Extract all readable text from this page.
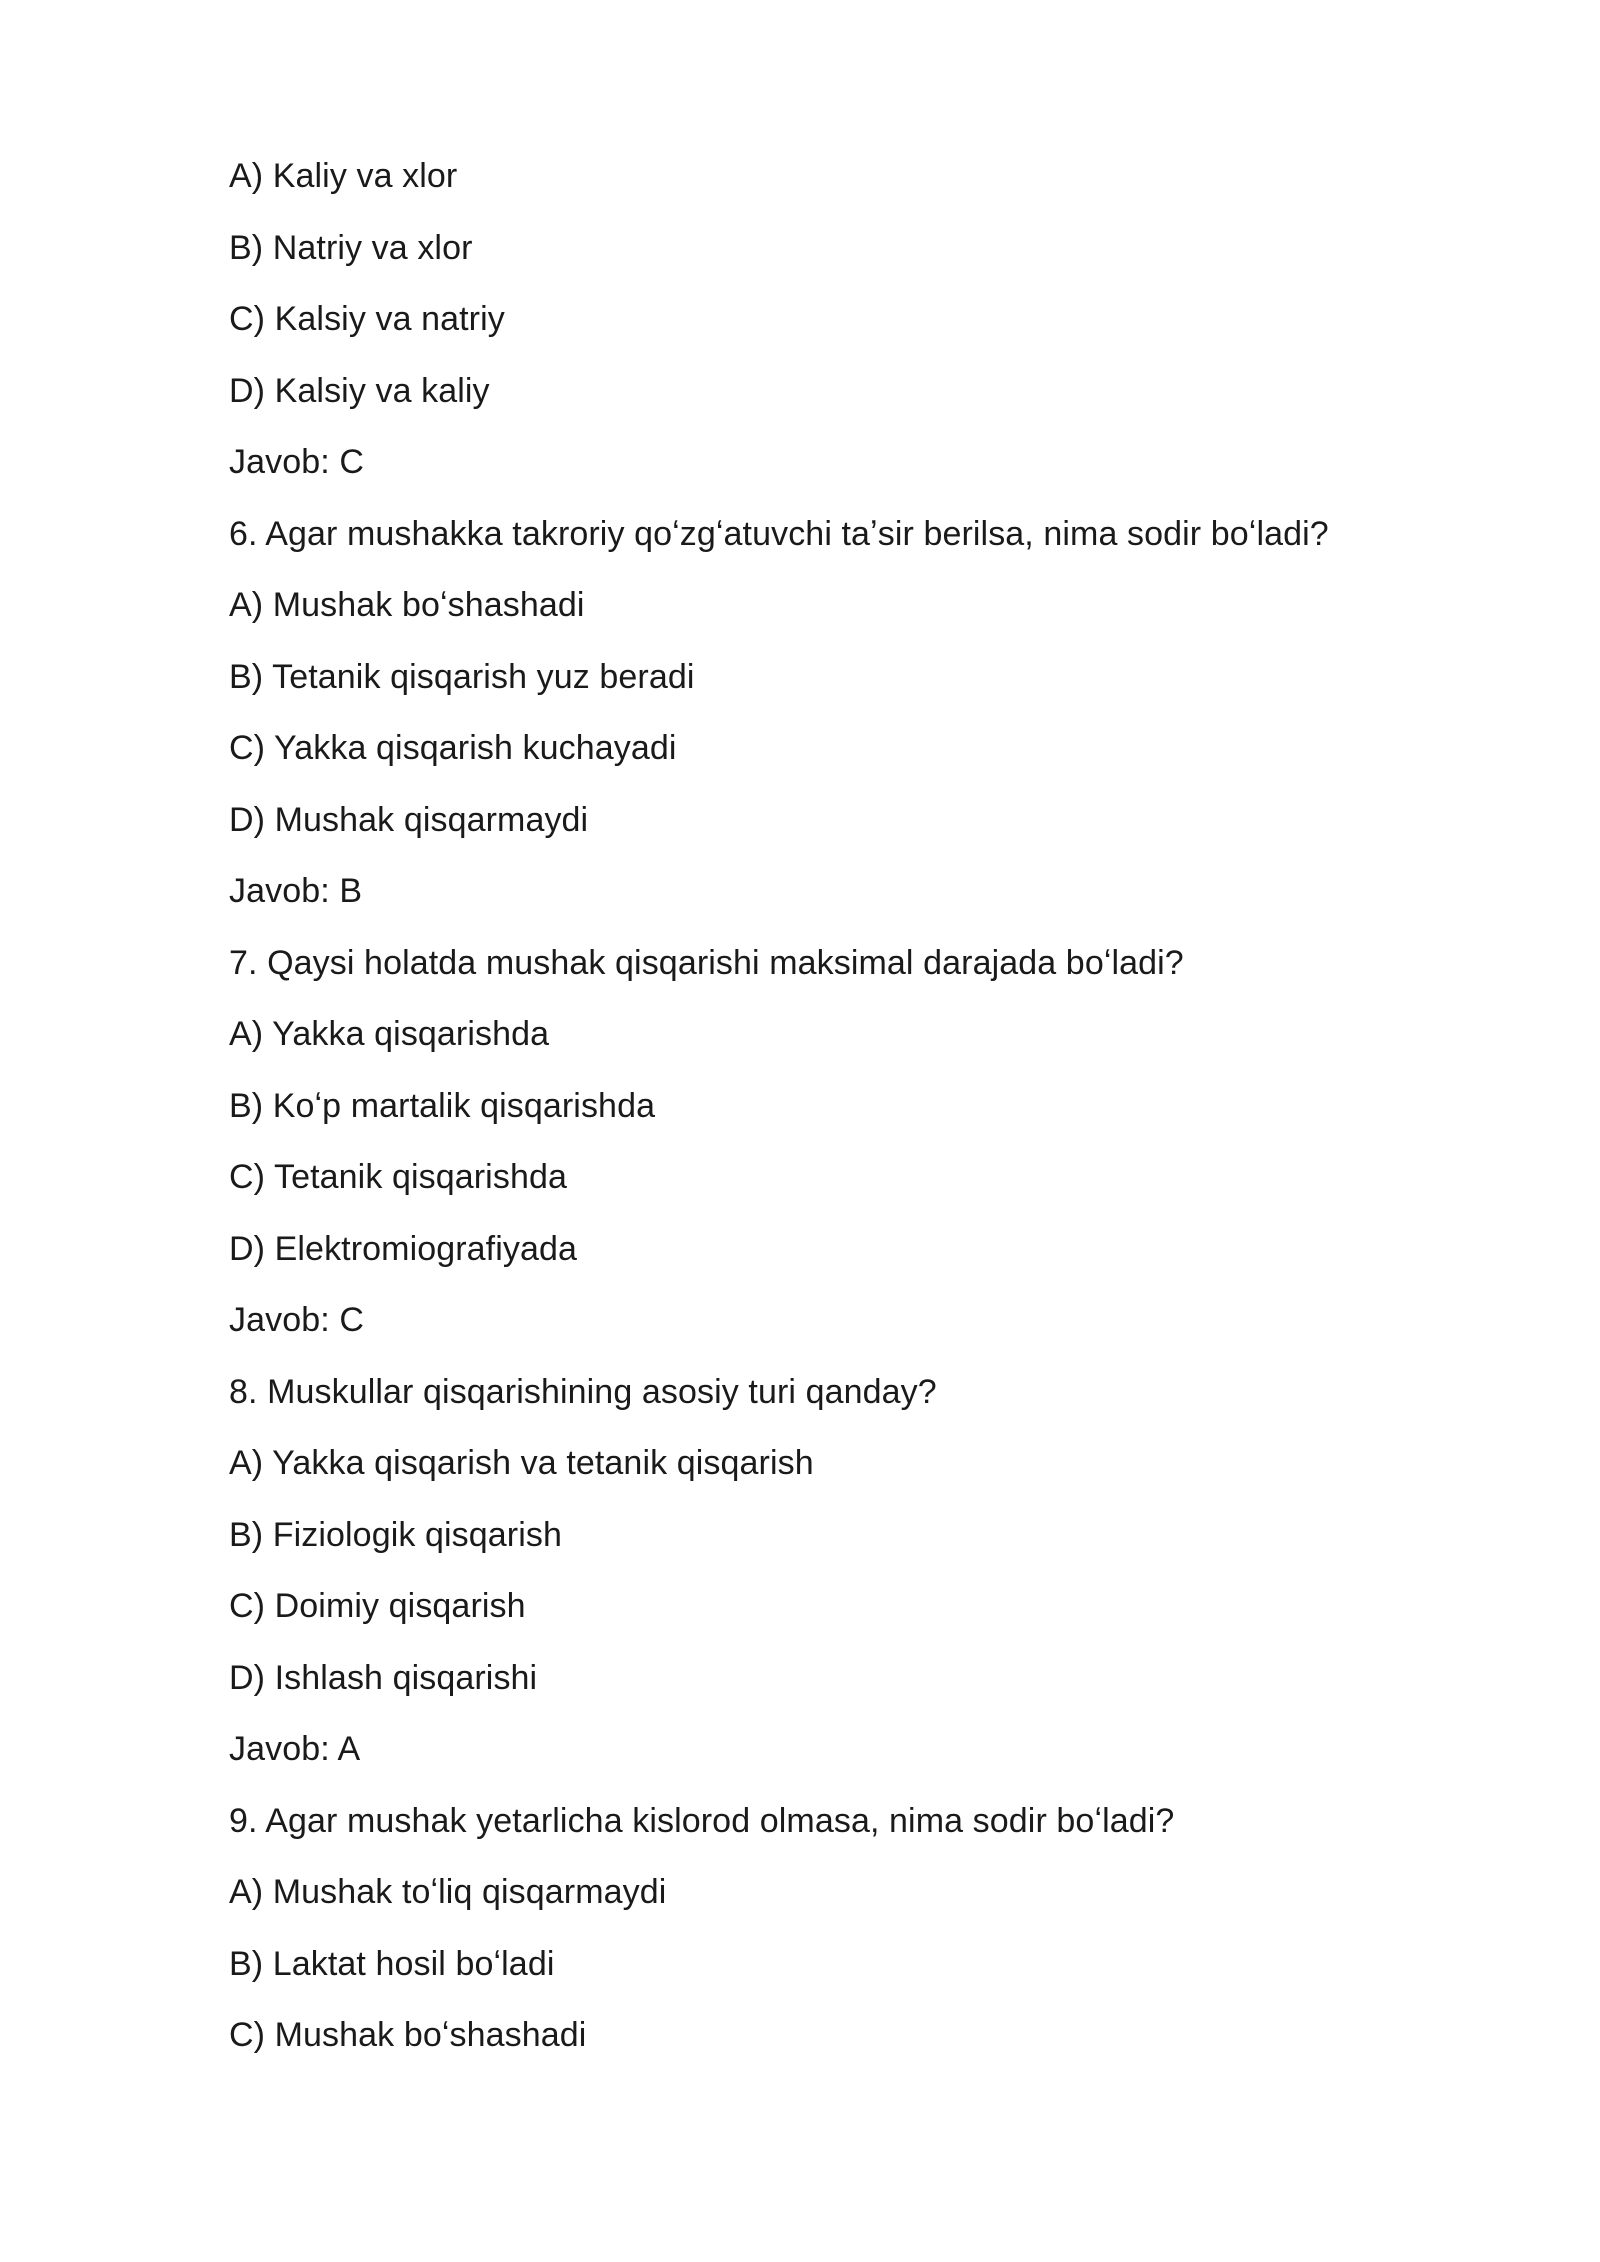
A) Kaliy va xlor
B) Natriy va xlor
C) Kalsiy va natriy
D) Kalsiy va kaliy
Javob: C
6. Agar mushakka takroriy qoʻzgʻatuvchi taʼsir berilsa, nima sodir boʻladi?
A) Mushak boʻshashadi
B) Tetanik qisqarish yuz beradi
C) Yakka qisqarish kuchayadi
D) Mushak qisqarmaydi
Javob: B
7. Qaysi holatda mushak qisqarishi maksimal darajada boʻladi?
A) Yakka qisqarishda
B) Koʻp martalik qisqarishda
C) Tetanik qisqarishda
D) Elektromiografiyada
Javob: C
8. Muskullar qisqarishining asosiy turi qanday?
A) Yakka qisqarish va tetanik qisqarish
B) Fiziologik qisqarish
C) Doimiy qisqarish
D) Ishlash qisqarishi
Javob: A
9. Agar mushak yetarlicha kislorod olmasa, nima sodir boʻladi?
A) Mushak toʻliq qisqarmaydi
B) Laktat hosil boʻladi
C) Mushak boʻshashadi
